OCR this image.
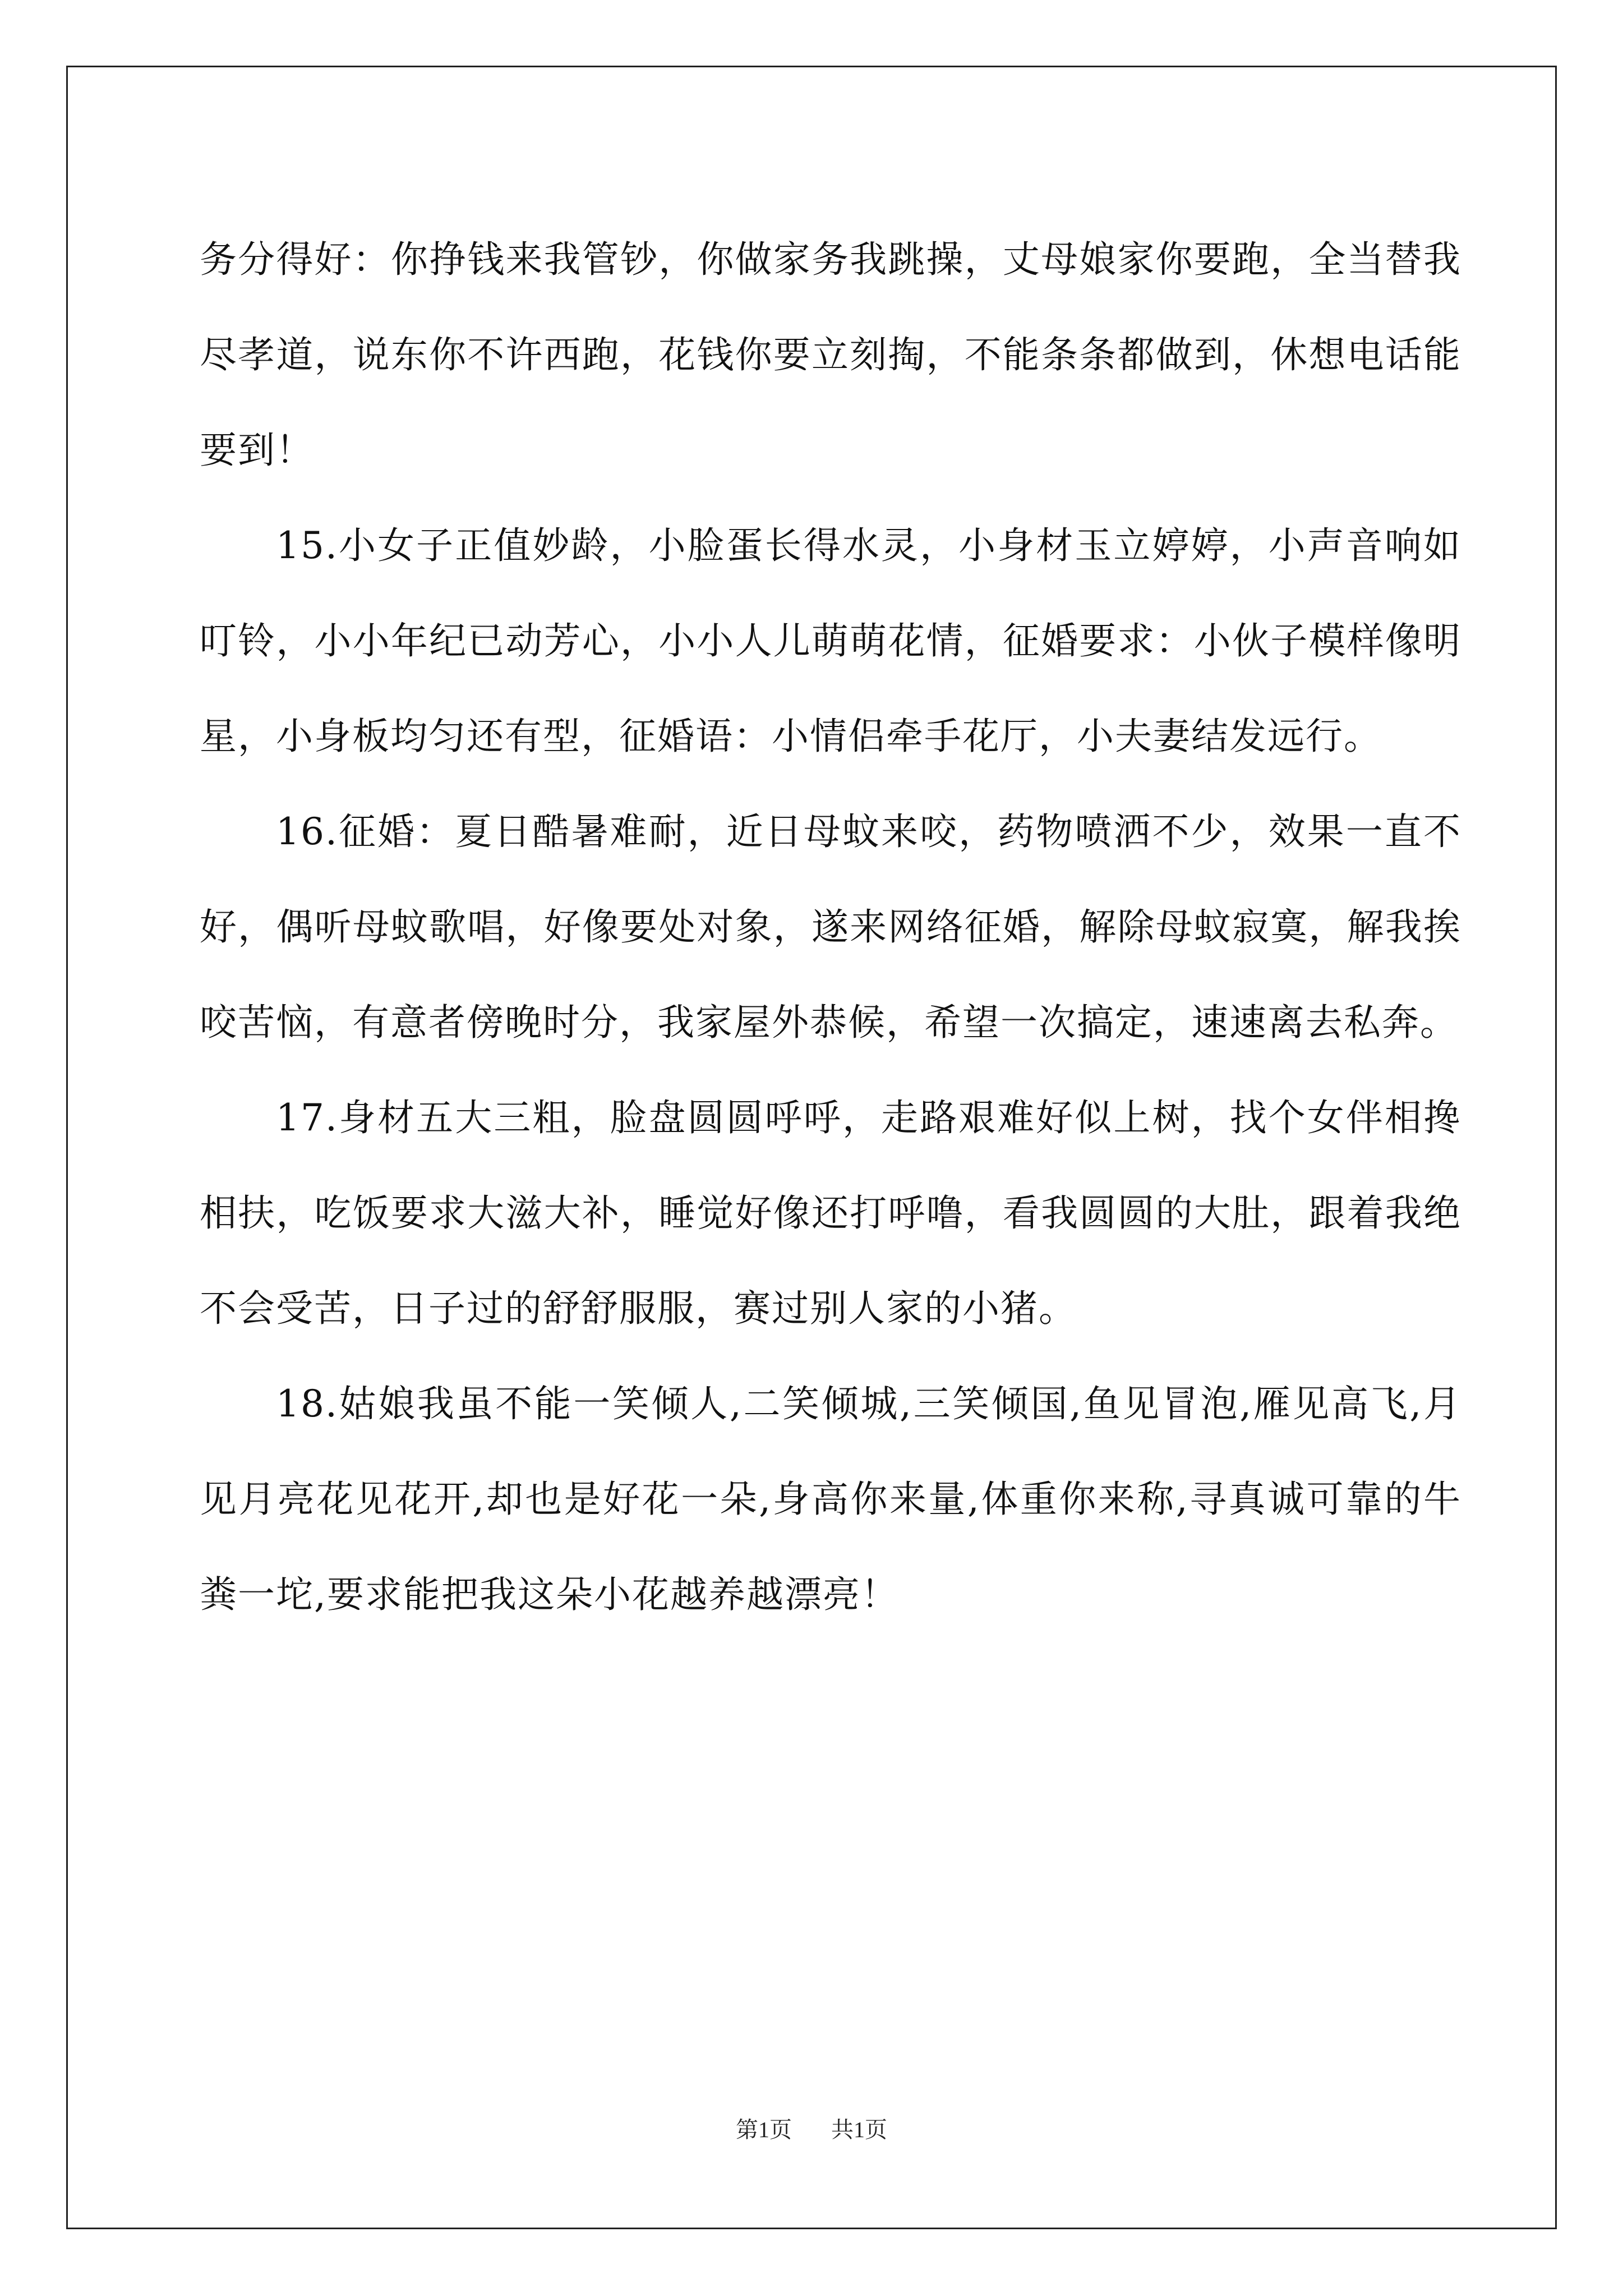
务分得好：你挣钱来我管钞，你做家务我跳操，丈母娘家你要跑，全当替我尽孝道，说东你不许西跑，花钱你要立刻掏，不能条条都做到，休想电话能要到！

15.小女子正值妙龄，小脸蛋长得水灵，小身材玉立婷婷，小声音响如叮铃，小小年纪已动芳心，小小人儿萌萌花情，征婚要求：小伙子模样像明星，小身板均匀还有型，征婚语：小情侣牵手花厅，小夫妻结发远行。

16.征婚：夏日酷暑难耐，近日母蚊来咬，药物喷洒不少，效果一直不好，偶听母蚊歌唱，好像要处对象，遂来网络征婚，解除母蚊寂寞，解我挨咬苦恼，有意者傍晚时分，我家屋外恭候，希望一次搞定，速速离去私奔。

17.身材五大三粗，脸盘圆圆呼呼，走路艰难好似上树，找个女伴相搀相扶，吃饭要求大滋大补，睡觉好像还打呼噜，看我圆圆的大肚，跟着我绝不会受苦，日子过的舒舒服服，赛过别人家的小猪。

18.姑娘我虽不能一笑倾人,二笑倾城,三笑倾国,鱼见冒泡,雁见高飞,月见月亮花见花开,却也是好花一朵,身高你来量,体重你来称,寻真诚可靠的牛粪一坨,要求能把我这朵小花越养越漂亮！

第1页 共1页
